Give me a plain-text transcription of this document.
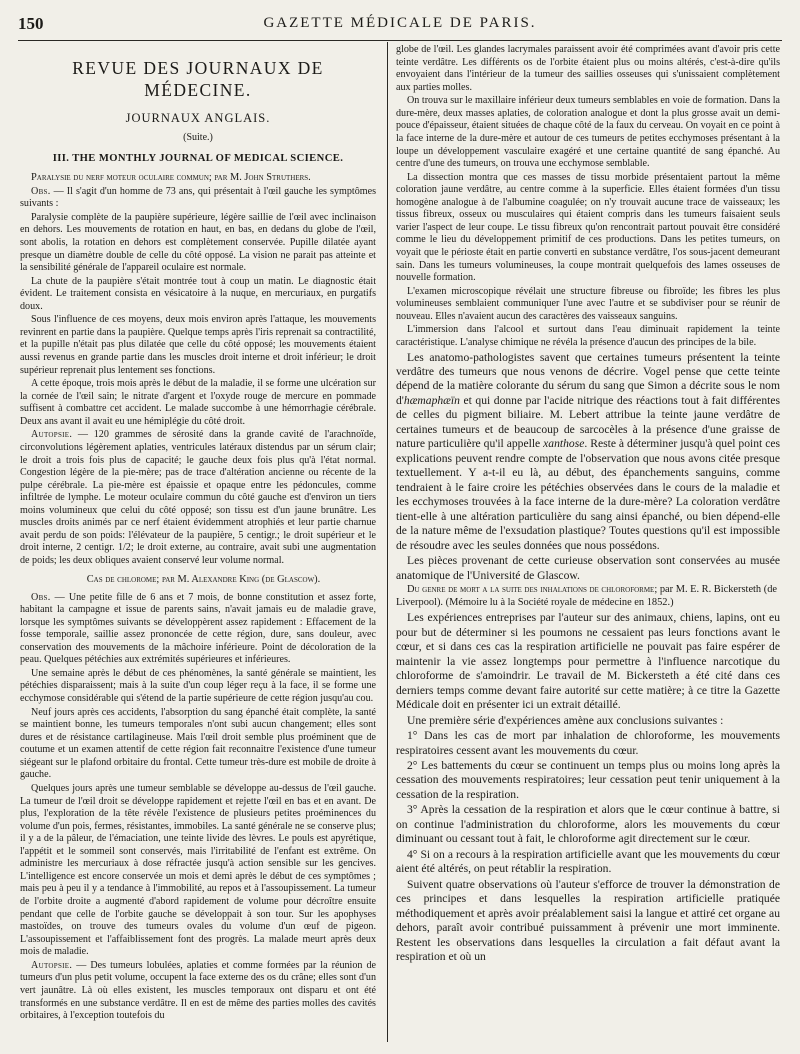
150	GAZETTE MÉDICALE DE PARIS.
REVUE DES JOURNAUX DE MÉDECINE.
JOURNAUX ANGLAIS.
(Suite.)
III. THE MONTHLY JOURNAL OF MEDICAL SCIENCE.

Paralysie du nerf moteur oculaire commun; par M. John Struthers.

Obs. — Il s'agit d'un homme de 73 ans, qui présentait à l'œil gauche les symptômes suivants :

Paralysie complète de la paupière supérieure, légère saillie de l'œil avec inclinaison en dehors. Les mouvements de rotation en haut, en bas, en dedans du globe de l'œil, sont abolis, la rotation en dehors est complètement conservée. Pupille dilatée ayant presque un diamètre double de celle du côté opposé. La vision ne parait pas atteinte et la sensibilité générale de l'appareil oculaire est normale.

La chute de la paupière s'était montrée tout à coup un matin. Le diagnostic était évident. Le traitement consista en vésicatoire à la nuque, en mercuriaux, en purgatifs doux.

Sous l'influence de ces moyens, deux mois environ après l'attaque, les mouvements revinrent en partie dans la paupière. Quelque temps après l'iris reprenait sa contractilité, et la pupille n'était pas plus dilatée que celle du côté opposé; les mouvements étaient aussi revenus en grande partie dans les muscles droit interne et droit inférieur; le droit supérieur reprenait plus lentement ses fonctions.

A cette époque, trois mois après le début de la maladie, il se forme une ulcération sur la cornée de l'œil sain; le nitrate d'argent et l'oxyde rouge de mercure en pommade suffisent à combattre cet accident. Le malade succombe à une hémorrhagie cérébrale. Deux ans avant il avait eu une hémiplégie du côté droit.

Autopsie. — 120 grammes de sérosité dans la grande cavité de l'arachnoïde, circonvolutions légèrement aplaties, ventricules latéraux distendus par un sérum clair; le droit a trois fois plus de capacité; le gauche deux fois plus qu'à l'état normal. Congestion légère de la pie-mère; pas de trace d'altération ancienne ou récente de la pulpe cérébrale. La pie-mère est épaissie et opaque entre les pédoncules, comme infiltrée de lymphe. Le moteur oculaire commun du côté gauche est d'environ un tiers moins volumineux que celui du côté opposé; son tissu est d'un jaune brunâtre. Les muscles droits animés par ce nerf étaient évidemment atrophiés et leur partie charnue avait perdu de son poids: l'élévateur de la paupière, 5 centigr.; le droit supérieur et le droit interne, 2 centigr. 1/2; le droit externe, au contraire, avait subi une augmentation de poids; les deux obliques avaient conservé leur volume normal.

Cas de chlorome; par M. Alexandre King (de Glascow).

Obs. — Une petite fille de 6 ans et 7 mois, de bonne constitution et assez forte, habitant la campagne et issue de parents sains, n'avait jamais eu de maladie grave, lorsque les symptômes suivants se développèrent assez rapidement : Effacement de la fosse temporale, saillie assez prononcée de cette région, dure, sans douleur, avec conservation des mouvements de la mâchoire inférieure. Point de décoloration de la peau. Quelques pétéchies aux extrémités supérieures et inférieures.

Une semaine après le début de ces phénomènes, la santé générale se maintient, les pétéchies disparaissent; mais à la suite d'un coup léger reçu à la face, il se forme une ecchymose considérable qui s'étend de la partie supérieure de cette région jusqu'au cou.

Neuf jours après ces accidents, l'absorption du sang épanché était complète, la santé se maintient bonne, les tumeurs temporales n'ont subi aucun changement; elles sont dures et de résistance cartilagineuse. Mais l'œil droit semble plus proéminent que de coutume et un examen attentif de cette région fait reconnaitre l'existence d'une tumeur siégeant sur le plafond orbitaire du frontal. Cette tumeur très-dure est mobile de droite à gauche.

Quelques jours après une tumeur semblable se développe au-dessus de l'œil gauche. La tumeur de l'œil droit se développe rapidement et rejette l'œil en bas et en avant. De plus, l'exploration de la tête révèle l'existence de plusieurs petites proéminences du volume d'un pois, fermes, résistantes, immobiles. La santé générale ne se conserve plus; il y a de la pâleur, de l'émaciation, une teinte livide des lèvres. Le pouls est apyrétique, l'appétit et le sommeil sont conservés, mais l'irritabilité de l'enfant est extrême. On administre les mercuriaux à dose réfractée jusqu'à action sensible sur les gencives. L'intelligence est encore conservée un mois et demi après le début de ces symptômes ; mais peu à peu il y a tendance à l'immobilité, au repos et à l'assoupissement. La tumeur de l'orbite droite a augmenté d'abord rapidement de volume pour décroître ensuite pendant que celle de l'orbite gauche se développait à son tour. Sur les apophyses mastoïdes, on trouve des tumeurs ovales du volume d'un œuf de pigeon. L'assoupissement et l'affaiblissement font des progrès. La malade meurt après deux mois de maladie.

Autopsie. — Des tumeurs lobulées, aplaties et comme formées par la réunion de tumeurs d'un plus petit volume, occupent la face externe des os du crâne; elles sont d'un vert jaunâtre. Là où elles existent, les muscles temporaux ont disparu et ont été transformés en une substance verdâtre. Il en est de même des parties molles des cavités orbitaires, à l'exception toutefois du

globe de l'œil. Les glandes lacrymales paraissent avoir été comprimées avant d'avoir pris cette teinte verdâtre. Les différents os de l'orbite étaient plus ou moins altérés, c'est-à-dire qu'ils envoyaient dans l'intérieur de la tumeur des saillies osseuses qui s'unissaient complètement aux parties molles.

On trouva sur le maxillaire inférieur deux tumeurs semblables en voie de formation. Dans la dure-mère, deux masses aplaties, de coloration analogue et dont la plus grosse avait un demi-pouce d'épaisseur, étaient situées de chaque côté de la faux du cerveau. On voyait en ce point à la face interne de la dure-mère et autour de ces tumeurs de petites ecchymoses présentant à la loupe un développement vasculaire exagéré et une certaine quantité de sang épanché. Au centre d'une des tumeurs, on trouva une ecchymose semblable.

La dissection montra que ces masses de tissu morbide présentaient partout la même coloration jaune verdâtre, au centre comme à la superficie. Elles étaient formées d'un tissu homogène analogue à de l'albumine coagulée; on n'y trouvait aucune trace de vaisseaux; les tissus fibreux, osseux ou musculaires qui étaient compris dans les tumeurs faisaient seuls varier l'aspect de leur coupe. Le tissu fibreux qu'on rencontrait partout pouvait être considéré comme le lieu du développement primitif de ces productions. Dans les petites tumeurs, on voyait que le périoste était en partie converti en substance verdâtre, l'os sous-jacent demeurant sain. Dans les tumeurs volumineuses, la coupe montrait quelquefois des lames osseuses de nouvelle formation.

L'examen microscopique révélait une structure fibreuse ou fibroïde; les fibres les plus volumineuses semblaient communiquer l'une avec l'autre et se subdiviser pour se réunir de nouveau. Elles n'avaient aucun des caractères des vaisseaux sanguins.

L'immersion dans l'alcool et surtout dans l'eau diminuait rapidement la teinte caractéristique. L'analyse chimique ne révéla la présence d'aucun des principes de la bile.

Les anatomo-pathologistes savent que certaines tumeurs présentent la teinte verdâtre des tumeurs que nous venons de décrire. Vogel pense que cette teinte dépend de la matière colorante du sérum du sang que Simon a décrite sous le nom d'hæmaphæïn et qui donne par l'acide nitrique des réactions tout à fait différentes de celles du pigment biliaire. M. Lebert attribue la teinte jaune verdâtre de certaines tumeurs et de beaucoup de sarcocèles à la présence d'une graisse de nature particulière qu'il appelle xanthose. Reste à déterminer jusqu'à quel point ces explications peuvent rendre compte de l'observation que nous avons citée presque textuellement. Y a-t-il eu là, au début, des épanchements sanguins, comme tendraient à le faire croire les pétéchies observées dans le cours de la maladie et les ecchymoses trouvées à la face interne de la dure-mère? La coloration verdâtre tient-elle à une altération particulière du sang ainsi épanché, ou bien dépend-elle de la nature même de l'exsudation plastique? Toutes questions qu'il est impossible de résoudre avec les seules données que nous possédons.

Les pièces provenant de cette curieuse observation sont conservées au musée anatomique de l'Université de Glascow.

Du genre de mort a la suite des inhalations de chloroforme; par M. E. R. Bickersteth (de Liverpool). (Mémoire lu à la Société royale de médecine en 1852.)

Les expériences entreprises par l'auteur sur des animaux, chiens, lapins, ont eu pour but de déterminer si les poumons ne cessaient pas leurs fonctions avant le cœur, et si dans ces cas la respiration artificielle ne pouvait pas faire espérer de maintenir la vie assez longtemps pour permettre à l'influence narcotique du chloroforme de s'amoindrir. Le travail de M. Bickersteth a été cité dans ces derniers temps comme devant faire autorité sur cette matière; à ce titre la Gazette Médicale doit en présenter ici un extrait détaillé.

Une première série d'expériences amène aux conclusions suivantes :

1° Dans les cas de mort par inhalation de chloroforme, les mouvements respiratoires cessent avant les mouvements du cœur.

2° Les battements du cœur se continuent un temps plus ou moins long après la cessation des mouvements respiratoires; leur cessation peut tenir uniquement à la cessation de la respiration.

3° Après la cessation de la respiration et alors que le cœur continue à battre, si on continue l'administration du chloroforme, alors les mouvements du cœur diminuant ou cessant tout à fait, le chloroforme agit directement sur le cœur.

4° Si on a recours à la respiration artificielle avant que les mouvements du cœur aient été altérés, on peut rétablir la respiration.

Suivent quatre observations où l'auteur s'efforce de trouver la démonstration de ces principes et dans lesquelles la respiration artificielle pratiquée méthodiquement et après avoir préalablement saisi la langue et attiré cet organe au dehors, paraît avoir contribué puissamment à prévenir une mort imminente. Restent les observations dans lesquelles la circulation a fait défaut avant la respiration et où un
